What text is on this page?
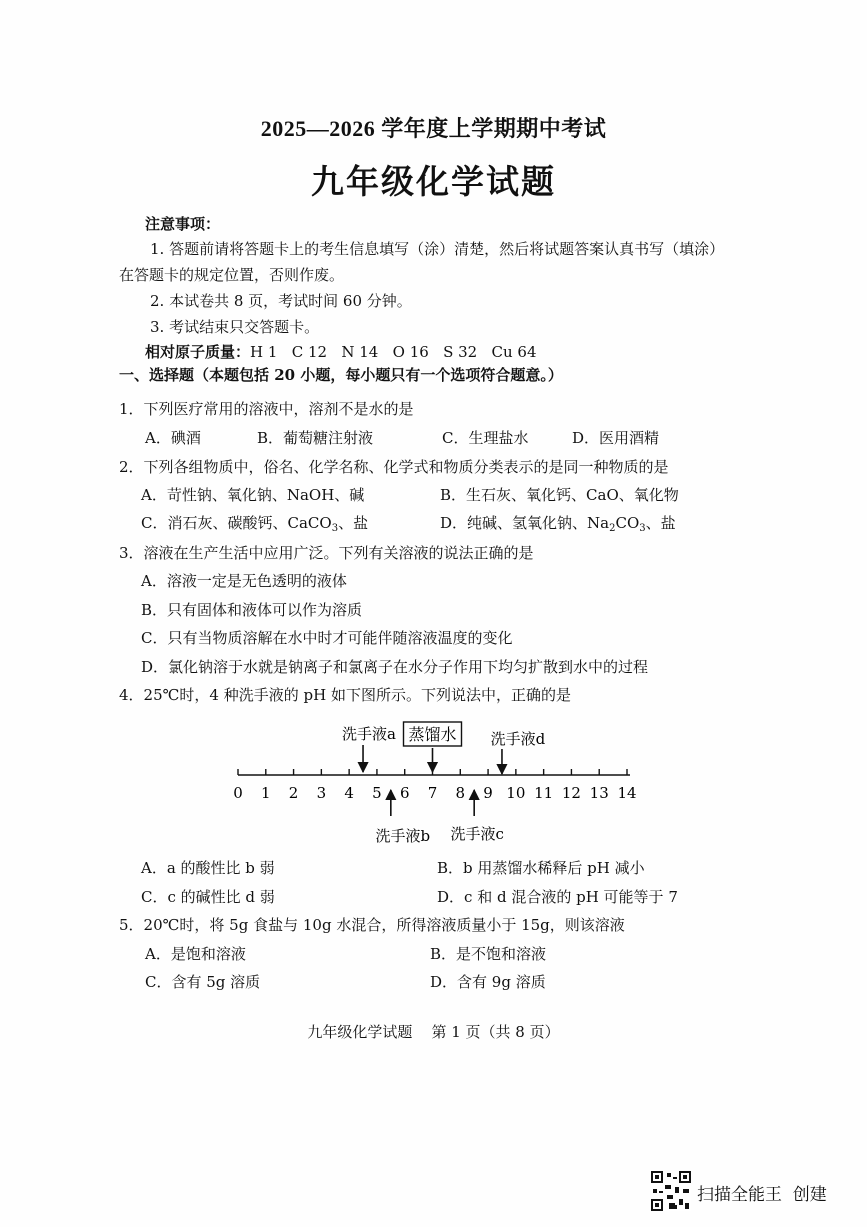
2025—2026 学年度上学期期中考试
九年级化学试题
注意事项：
1. 答题前请将答题卡上的考生信息填写（涂）清楚，然后将试题答案认真书写（填涂）
在答题卡的规定位置，否则作废。
2. 本试卷共 8 页，考试时间 60 分钟。
3. 考试结束只交答题卡。
相对原子质量：H 1   C 12   N 14   O 16   S 32   Cu 64
一、选择题（本题包括 20 小题，每小题只有一个选项符合题意。）
1．下列医疗常用的溶液中，溶剂不是水的是
A．碘酒	B．葡萄糖注射液	C．生理盐水	D．医用酒精
2．下列各组物质中，俗名、化学名称、化学式和物质分类表示的是同一种物质的是
A．苛性钠、氧化钠、NaOH、碱	B．生石灰、氧化钙、CaO、氧化物
C．消石灰、碳酸钙、CaCO$_3$、盐	D．纯碱、氢氧化钠、$Na_2CO_3$、盐
3．溶液在生产生活中应用广泛。下列有关溶液的说法正确的是
A．溶液一定是无色透明的液体
B．只有固体和液体可以作为溶质
C．只有当物质溶解在水中时才可能伴随溶液温度的变化
D．氯化钠溶于水就是钠离子和氯离子在水分子作用下均匀扩散到水中的过程
4．25℃时，4 种洗手液的 pH 如下图所示。下列说法中，正确的是
0 1 2 3 4 5 6 7 8 9 10 11 12 13 14
洗手液a 蒸馏水 洗手液d
洗手液b 洗手液c
A．a 的酸性比 b 弱	B．b 用蒸馏水稀释后 pH 减小
C．c 的碱性比 d 弱	D．c 和 d 混合液的 pH 可能等于 7
5．20℃时，将 5g 食盐与 10g 水混合，所得溶液质量小于 15g，则该溶液
A．是饱和溶液	B．是不饱和溶液
C．含有 5g 溶质	D．含有 9g 溶质
九年级化学试题    第 1 页（共 8 页）
扫描全能王  创建
